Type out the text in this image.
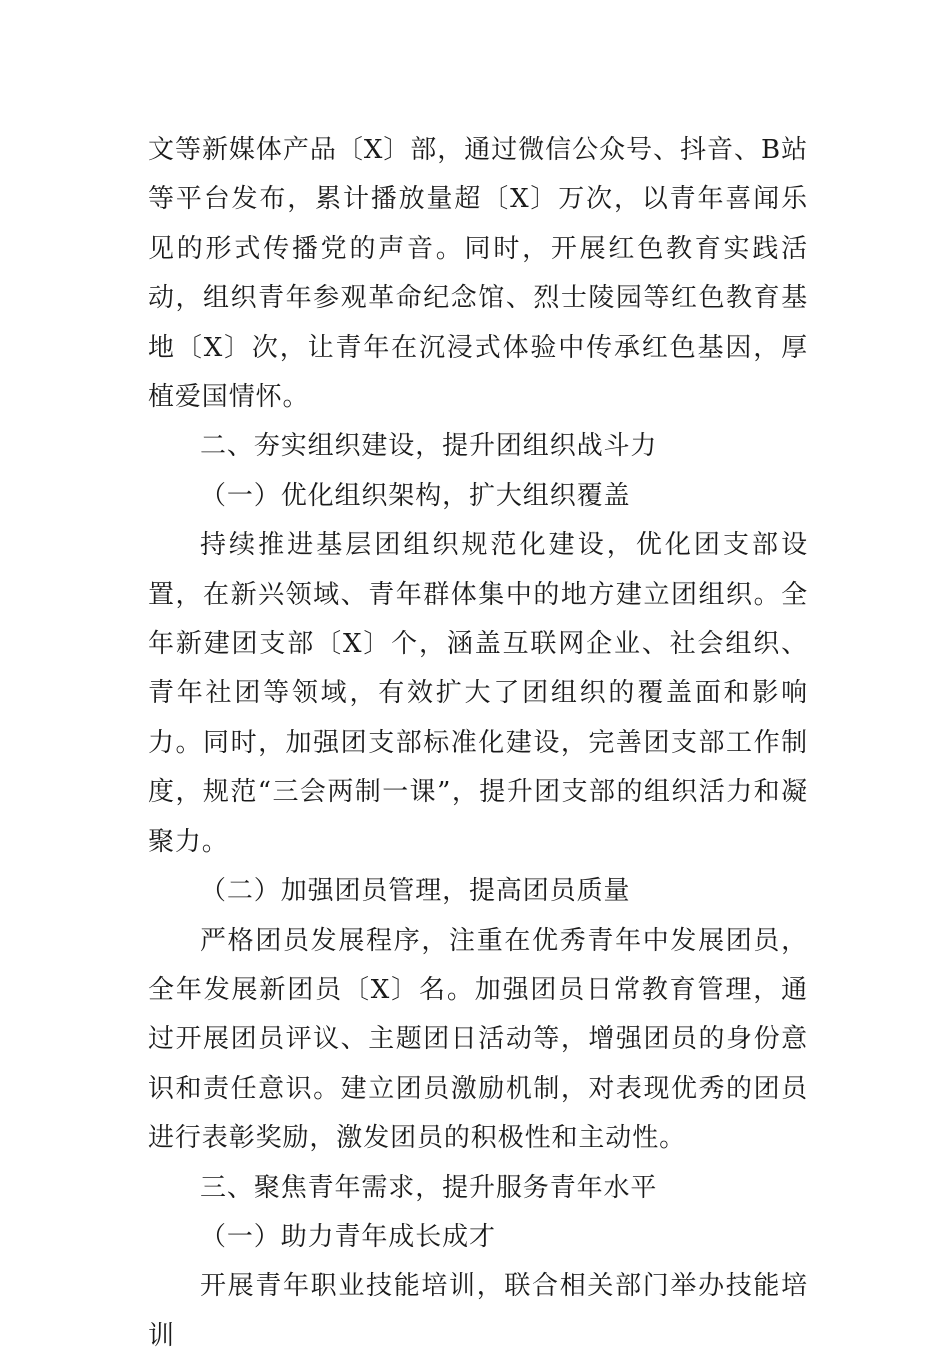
文等新媒体产品〔X〕部，通过微信公众号、抖音、B站等平台发布，累计播放量超〔X〕万次，以青年喜闻乐见的形式传播党的声音。同时，开展红色教育实践活动，组织青年参观革命纪念馆、烈士陵园等红色教育基地〔X〕次，让青年在沉浸式体验中传承红色基因，厚植爱国情怀。

二、夯实组织建设，提升团组织战斗力

（一）优化组织架构，扩大组织覆盖

持续推进基层团组织规范化建设，优化团支部设置，在新兴领域、青年群体集中的地方建立团组织。全年新建团支部〔X〕个，涵盖互联网企业、社会组织、青年社团等领域，有效扩大了团组织的覆盖面和影响力。同时，加强团支部标准化建设，完善团支部工作制度，规范“三会两制一课”，提升团支部的组织活力和凝聚力。

（二）加强团员管理，提高团员质量

严格团员发展程序，注重在优秀青年中发展团员，全年发展新团员〔X〕名。加强团员日常教育管理，通过开展团员评议、主题团日活动等，增强团员的身份意识和责任意识。建立团员激励机制，对表现优秀的团员进行表彰奖励，激发团员的积极性和主动性。

三、聚焦青年需求，提升服务青年水平

（一）助力青年成长成才

开展青年职业技能培训，联合相关部门举办技能培训
